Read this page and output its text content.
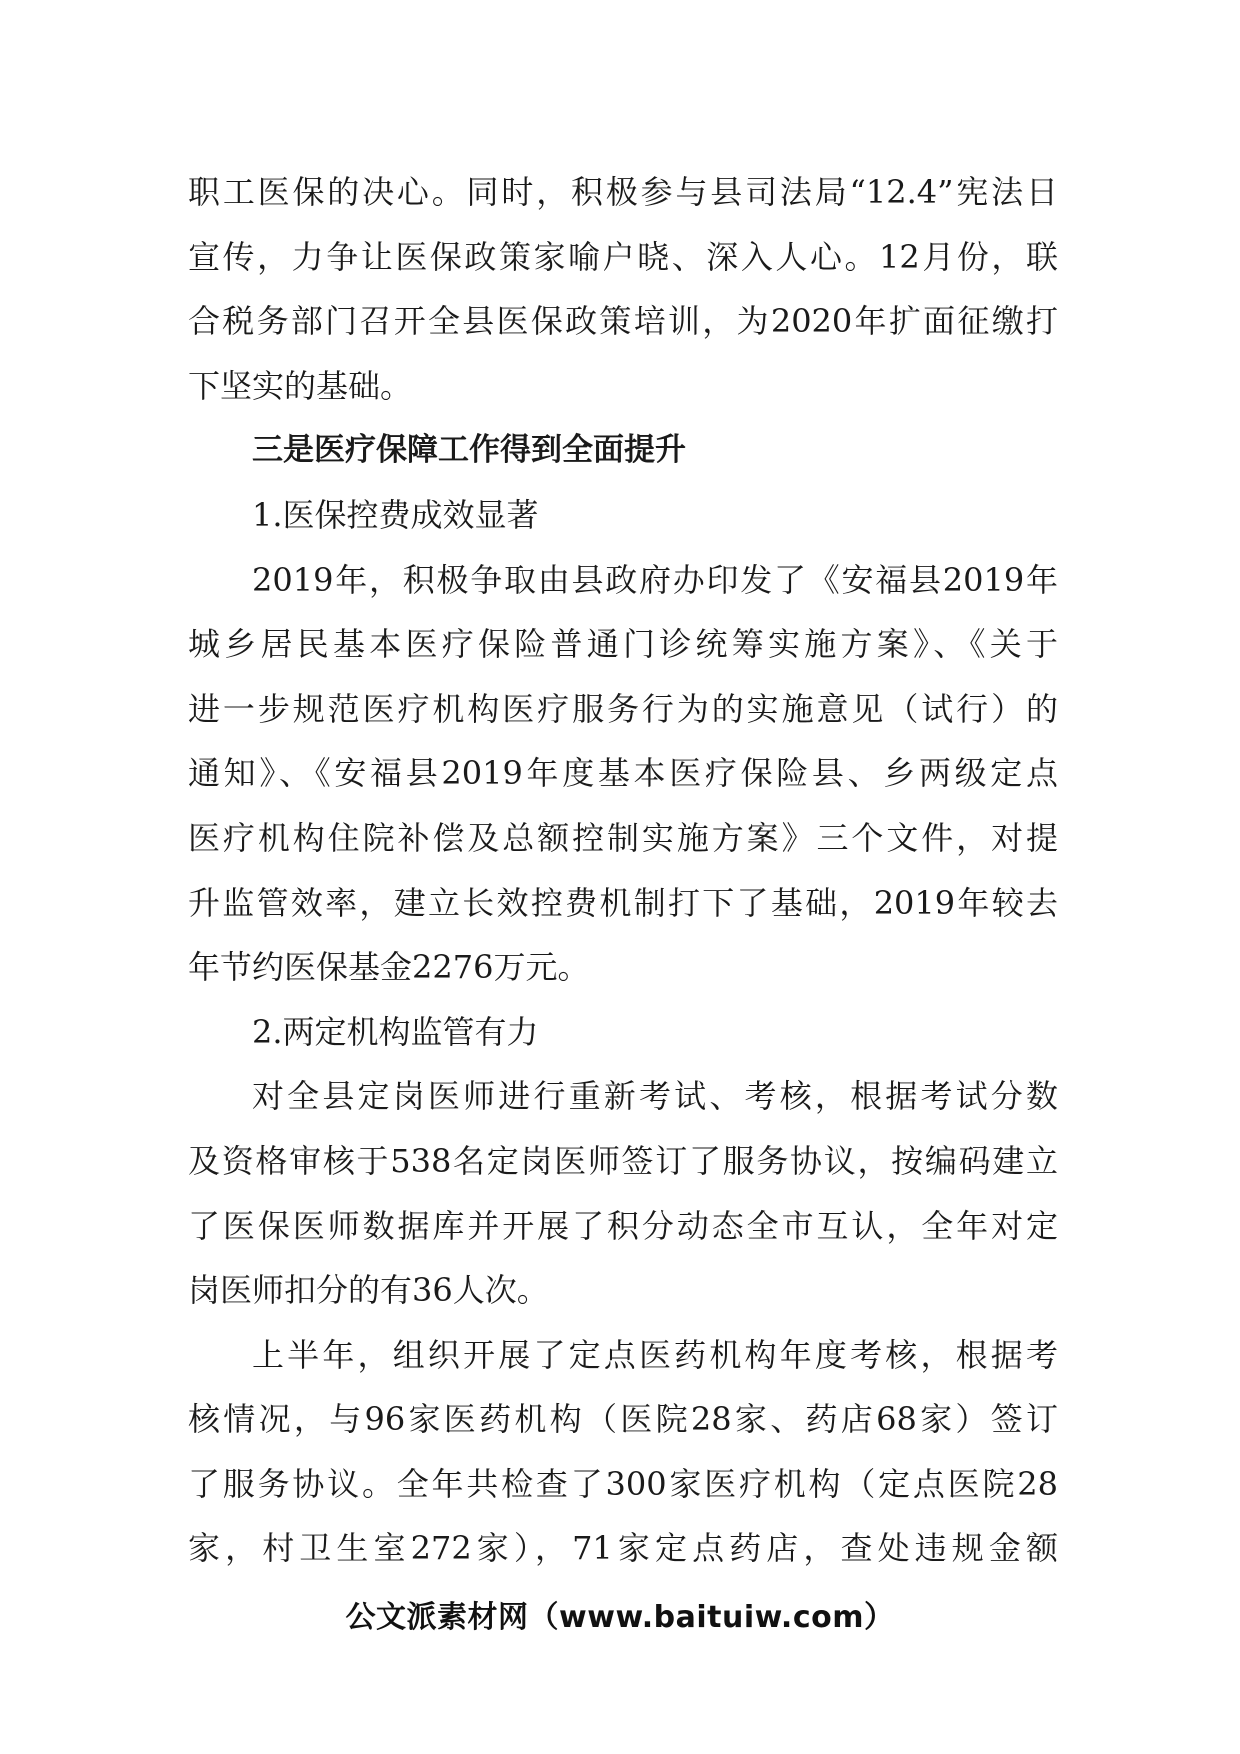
职工医保的决心。同时，积极参与县司法局“12.4”宪法日
宣传，力争让医保政策家喻户晓、深入人心。12月份，联
合税务部门召开全县医保政策培训，为2020年扩面征缴打
下坚实的基础。
三是医疗保障工作得到全面提升
1.医保控费成效显著
2019年，积极争取由县政府办印发了《安福县2019年
城乡居民基本医疗保险普通门诊统筹实施方案》、《关于
进一步规范医疗机构医疗服务行为的实施意见（试行）的
通知》、《安福县2019年度基本医疗保险县、乡两级定点
医疗机构住院补偿及总额控制实施方案》三个文件，对提
升监管效率，建立长效控费机制打下了基础，2019年较去
年节约医保基金2276万元。
2.两定机构监管有力
对全县定岗医师进行重新考试、考核，根据考试分数
及资格审核于538名定岗医师签订了服务协议，按编码建立
了医保医师数据库并开展了积分动态全市互认，全年对定
岗医师扣分的有36人次。
上半年，组织开展了定点医药机构年度考核，根据考
核情况，与96家医药机构（医院28家、药店68家）签订
了服务协议。全年共检查了300家医疗机构（定点医院28
家，村卫生室272家），71家定点药店，查处违规金额
公文派素材网（www.baituiw.com）
